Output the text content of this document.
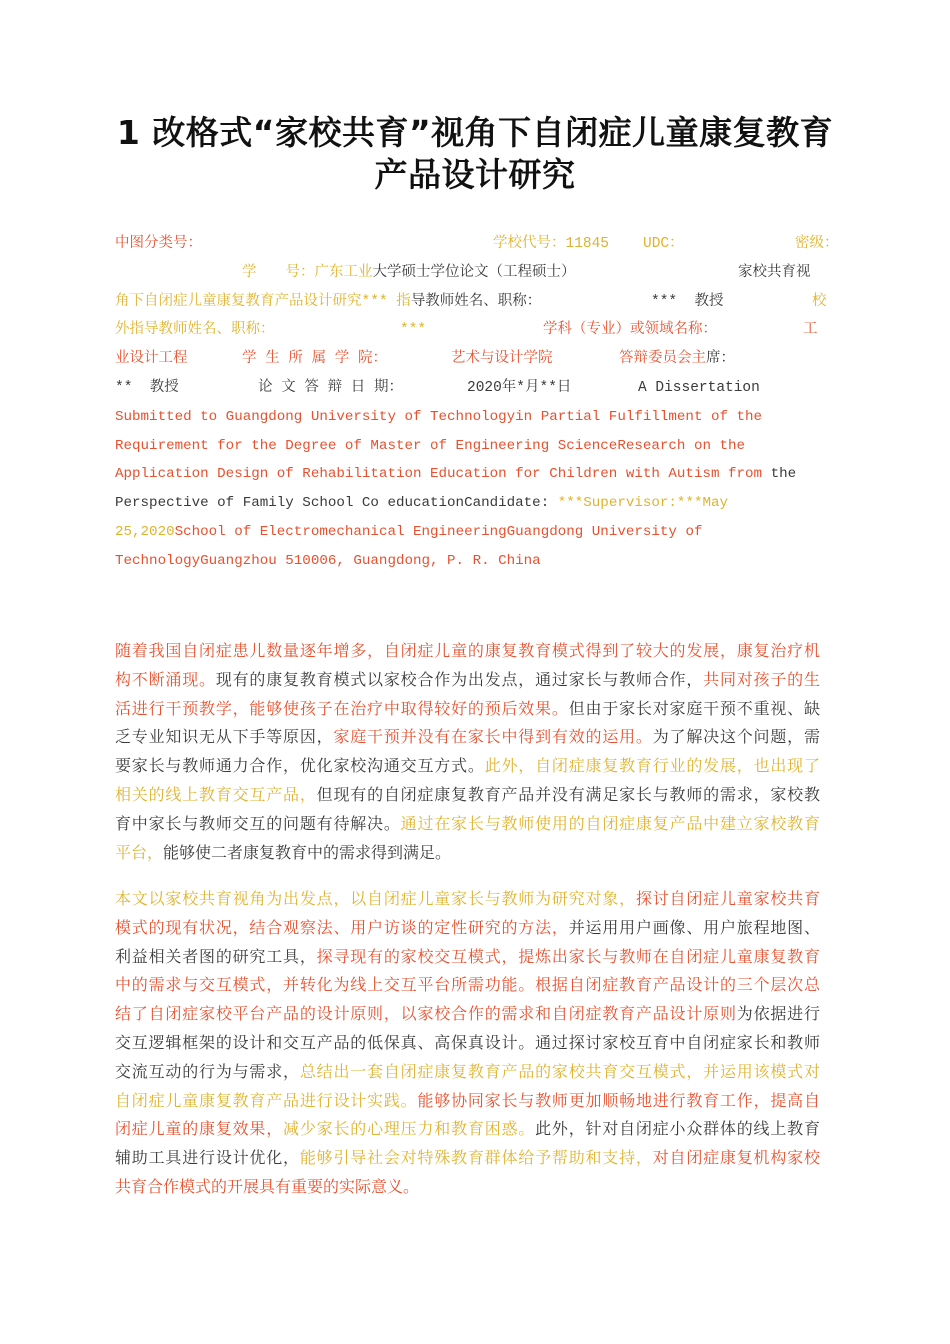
1 改格式“家校共育”视角下自闭症儿童康复教育
产品设计研究
中图分类号：	学校代号：11845 UDC：	密级：
学　　号：广东工业大学硕士学位论文（工程硕士）	家校共育视
角下自闭症儿童康复教育产品设计研究*** 指导教师姓名、职称：	***  教授	校
外指导教师姓名、职称：	***	学科（专业）或领域名称：	工
业设计工程	学 生 所 属 学 院：	艺术与设计学院	答辩委员会主席：
**  教授	论 文 答 辩 日 期：	2020年*月**日	A Dissertation
Submitted to Guangdong University of Technologyin Partial Fulfillment of the
Requirement for the Degree of Master of Engineering ScienceResearch on the
Application Design of Rehabilitation Education for Children with Autism from the
Perspective of Family School Co educationCandidate: ***Supervisor:***May
25,2020School of Electromechanical EngineeringGuangdong University of
TechnologyGuangzhou 510006, Guangdong, P. R. China
随着我国自闭症患儿数量逐年增多，自闭症儿童的康复教育模式得到了较大的发展，康复治疗机
构不断涌现。现有的康复教育模式以家校合作为出发点，通过家长与教师合作，共同对孩子的生
活进行干预教学，能够使孩子在治疗中取得较好的预后效果。但由于家长对家庭干预不重视、缺
乏专业知识无从下手等原因，家庭干预并没有在家长中得到有效的运用。为了解决这个问题，需
要家长与教师通力合作，优化家校沟通交互方式。此外，自闭症康复教育行业的发展，也出现了
相关的线上教育交互产品，但现有的自闭症康复教育产品并没有满足家长与教师的需求，家校教
育中家长与教师交互的问题有待解决。通过在家长与教师使用的自闭症康复产品中建立家校教育
平台，能够使二者康复教育中的需求得到满足。
本文以家校共育视角为出发点，以自闭症儿童家长与教师为研究对象，探讨自闭症儿童家校共育
模式的现有状况，结合观察法、用户访谈的定性研究的方法，并运用用户画像、用户旅程地图、
利益相关者图的研究工具，探寻现有的家校交互模式，提炼出家长与教师在自闭症儿童康复教育
中的需求与交互模式，并转化为线上交互平台所需功能。根据自闭症教育产品设计的三个层次总
结了自闭症家校平台产品的设计原则，以家校合作的需求和自闭症教育产品设计原则为依据进行
交互逻辑框架的设计和交互产品的低保真、高保真设计。通过探讨家校互育中自闭症家长和教师
交流互动的行为与需求，总结出一套自闭症康复教育产品的家校共育交互模式，并运用该模式对
自闭症儿童康复教育产品进行设计实践。能够协同家长与教师更加顺畅地进行教育工作，提高自
闭症儿童的康复效果，减少家长的心理压力和教育困惑。此外，针对自闭症小众群体的线上教育
辅助工具进行设计优化，能够引导社会对特殊教育群体给予帮助和支持，对自闭症康复机构家校
共育合作模式的开展具有重要的实际意义。
